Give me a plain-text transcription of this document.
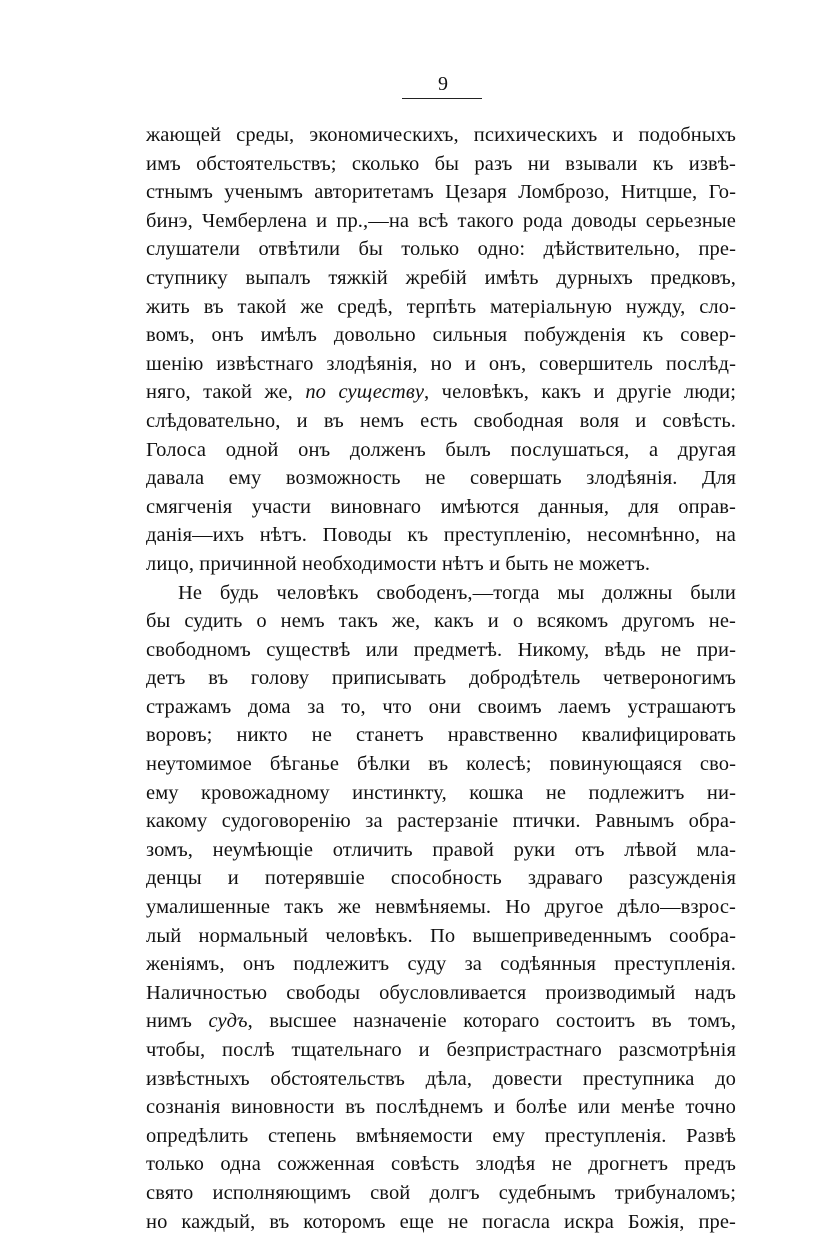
9
жающей среды, экономическихъ, психическихъ и подобныхъ
имъ обстоятельствъ; сколько бы разъ ни взывали къ извѣ-
стнымъ ученымъ авторитетамъ Цезаря Ломброзо, Нитцше, Го-
бинэ, Чемберлена и пр.,—на всѣ такого рода доводы серьезные
слушатели отвѣтили бы только одно: дѣйствительно, пре-
ступнику выпалъ тяжкій жребій имѣть дурныхъ предковъ,
жить въ такой же средѣ, терпѣть матеріальную нужду, сло-
вомъ, онъ имѣлъ довольно сильныя побужденія къ совер-
шенію извѣстнаго злодѣянія, но и онъ, совершитель послѣд-
нягo, такой же, по существу, человѣкъ, какъ и другіе люди;
слѣдовательно, и въ немъ есть свободная воля и совѣсть.
Голоса одной онъ долженъ былъ послушаться, а другая
давала ему возможность не совершать злодѣянія. Для
смягченія участи виновнаго имѣются данныя, для оправ-
данія—ихъ нѣтъ. Поводы къ преступленію, несомнѣнно, на
лицо, причинной необходимости нѣтъ и быть не можетъ.
Не будь человѣкъ свободенъ,—тогда мы должны были
бы судить о немъ такъ же, какъ и о всякомъ другомъ не-
свободномъ существѣ или предметѣ. Никому, вѣдь не при-
детъ въ голову приписывать добродѣтель четвероногимъ
стражамъ дома за то, что они своимъ лаемъ устрашаютъ
воровъ; никто не станетъ нравственно квалифицировать
неутомимое бѣганье бѣлки въ колесѣ; повинующаяся сво-
ему кровожадному инстинкту, кошка не подлежитъ ни-
какому судоговоренію за растерзаніе птички. Равнымъ обра-
зомъ, неумѣющіе отличить правой руки отъ лѣвой мла-
денцы и потерявшіе способность здраваго разсужденія
умалишенные такъ же невмѣняемы. Но другое дѣло—взрос-
лый нормальный человѣкъ. По вышеприведеннымъ сообра-
женіямъ, онъ подлежитъ суду за содѣянныя преступленія.
Наличностью свободы обусловливается производимый надъ
нимъ судъ, высшее назначеніе котораго состоитъ въ томъ,
чтобы, послѣ тщательнаго и безпристрастнаго разсмотрѣнія
извѣстныхъ обстоятельствъ дѣла, довести преступника до
сознанія виновности въ послѣднемъ и болѣе или менѣе точно
опредѣлить степень вмѣняемости ему преступленія. Развѣ
только одна сожженная совѣсть злодѣя не дрогнетъ предъ
свято исполняющимъ свой долгъ судебнымъ трибуналомъ;
но каждый, въ которомъ еще не погасла искра Божія, пре-
